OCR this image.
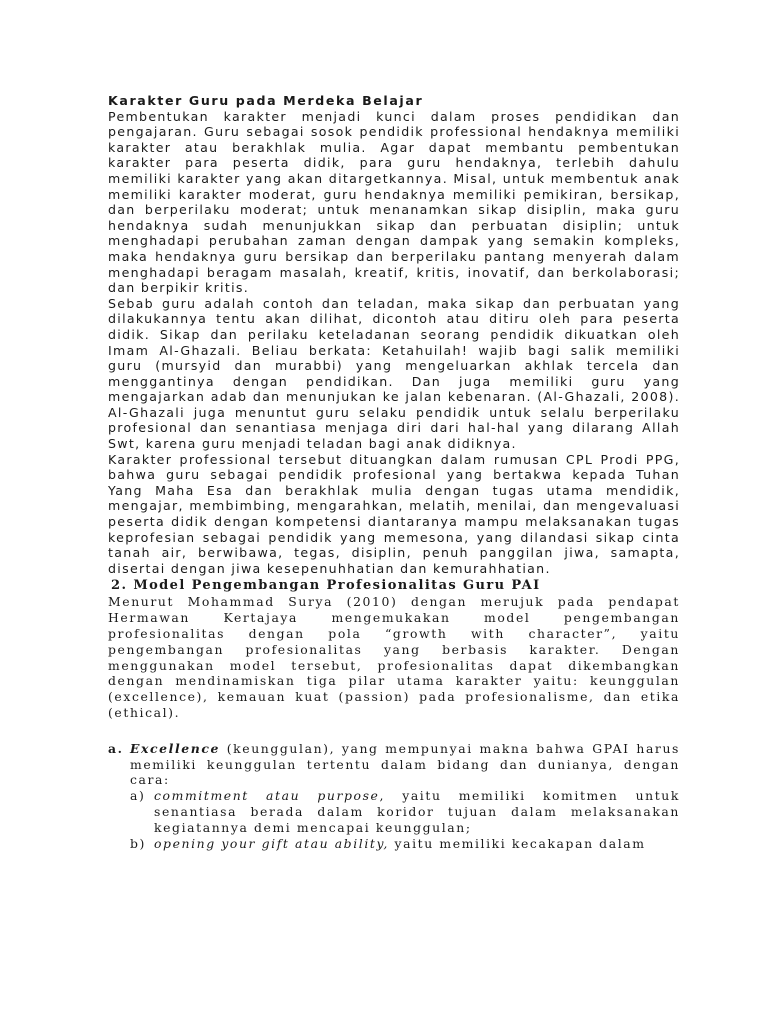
Karakter Guru pada Merdeka Belajar

Pembentukan karakter menjadi kunci dalam proses pendidikan dan pengajaran. Guru sebagai sosok pendidik professional hendaknya memiliki karakter atau berakhlak mulia. Agar dapat membantu pembentukan karakter para peserta didik, para guru hendaknya, terlebih dahulu memiliki karakter yang akan ditargetkannya. Misal, untuk membentuk anak memiliki karakter moderat, guru hendaknya memiliki pemikiran, bersikap, dan berperilaku moderat; untuk menanamkan sikap disiplin, maka guru hendaknya sudah menunjukkan sikap dan perbuatan disiplin; untuk menghadapi perubahan zaman dengan dampak yang semakin kompleks, maka hendaknya guru bersikap dan berperilaku pantang menyerah dalam menghadapi beragam masalah, kreatif, kritis, inovatif, dan berkolaborasi; dan berpikir kritis.

Sebab guru adalah contoh dan teladan, maka sikap dan perbuatan yang dilakukannya tentu akan dilihat, dicontoh atau ditiru oleh para peserta didik. Sikap dan perilaku keteladanan seorang pendidik dikuatkan oleh Imam Al-Ghazali. Beliau berkata: Ketahuilah! wajib bagi salik memiliki guru (mursyid dan murabbi) yang mengeluarkan akhlak tercela dan menggantinya dengan pendidikan. Dan juga memiliki guru yang mengajarkan adab dan menunjukan ke jalan kebenaran. (Al-Ghazali, 2008). Al-Ghazali juga menuntut guru selaku pendidik untuk selalu berperilaku profesional dan senantiasa menjaga diri dari hal-hal yang dilarang Allah Swt, karena guru menjadi teladan bagi anak didiknya.

Karakter professional tersebut dituangkan dalam rumusan CPL Prodi PPG, bahwa guru sebagai pendidik profesional yang bertakwa kepada Tuhan Yang Maha Esa dan berakhlak mulia dengan tugas utama mendidik, mengajar, membimbing, mengarahkan, melatih, menilai, dan mengevaluasi peserta didik dengan kompetensi diantaranya mampu melaksanakan tugas keprofesian sebagai pendidik yang memesona, yang dilandasi sikap cinta tanah air, berwibawa, tegas, disiplin, penuh panggilan jiwa, samapta, disertai dengan jiwa kesepenuhhatian dan kemurahhatian.

2. Model Pengembangan Profesionalitas Guru PAI

Menurut Mohammad Surya (2010) dengan merujuk pada pendapat Hermawan Kertajaya mengemukakan model pengembangan profesionalitas dengan pola “growth with character”, yaitu pengembangan profesionalitas yang berbasis karakter. Dengan menggunakan model tersebut, profesionalitas dapat dikembangkan dengan mendinamiskan tiga pilar utama karakter yaitu: keunggulan (excellence), kemauan kuat (passion) pada profesionalisme, dan etika (ethical).

a. Excellence (keunggulan), yang mempunyai makna bahwa GPAI harus memiliki keunggulan tertentu dalam bidang dan dunianya, dengan cara:

a) commitment atau purpose, yaitu memiliki komitmen untuk senantiasa berada dalam koridor tujuan dalam melaksanakan kegiatannya demi mencapai keunggulan;

b) opening your gift atau ability, yaitu memiliki kecakapan dalam
